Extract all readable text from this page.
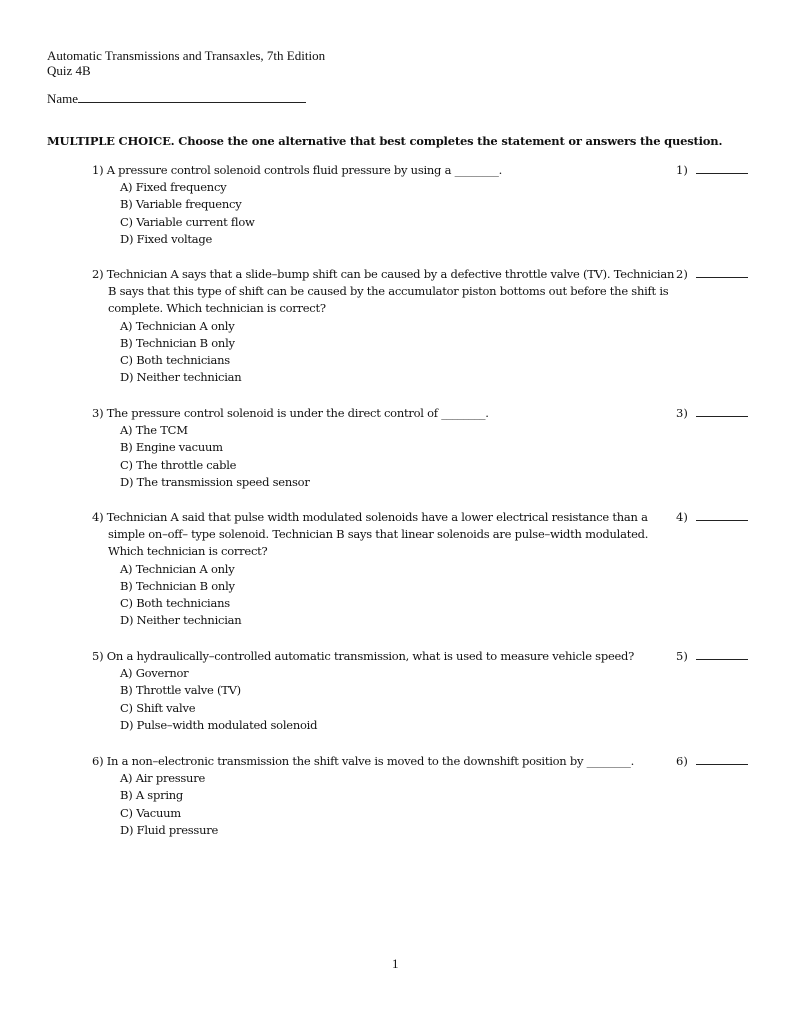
Automatic Transmissions and Transaxles, 7th Edition
Quiz 4B
Name
MULTIPLE CHOICE. Choose the one alternative that best completes the statement or answers the question.
1) A pressure control solenoid controls fluid pressure by using a ________.
A) Fixed frequency
B) Variable frequency
C) Variable current flow
D) Fixed voltage
1)
2) Technician A says that a slide–bump shift can be caused by a defective throttle valve (TV). Technician B says that this type of shift can be caused by the accumulator piston bottoms out before the shift is complete. Which technician is correct?
A) Technician A only
B) Technician B only
C) Both technicians
D) Neither technician
2)
3) The pressure control solenoid is under the direct control of ________.
A) The TCM
B) Engine vacuum
C) The throttle cable
D) The transmission speed sensor
3)
4) Technician A said that pulse width modulated solenoids have a lower electrical resistance than a simple on–off– type solenoid. Technician B says that linear solenoids are pulse–width modulated. Which technician is correct?
A) Technician A only
B) Technician B only
C) Both technicians
D) Neither technician
4)
5) On a hydraulically–controlled automatic transmission, what is used to measure vehicle speed?
A) Governor
B) Throttle valve (TV)
C) Shift valve
D) Pulse–width modulated solenoid
5)
6) In a non–electronic transmission the shift valve is moved to the downshift position by ________.
A) Air pressure
B) A spring
C) Vacuum
D) Fluid pressure
6)
1
